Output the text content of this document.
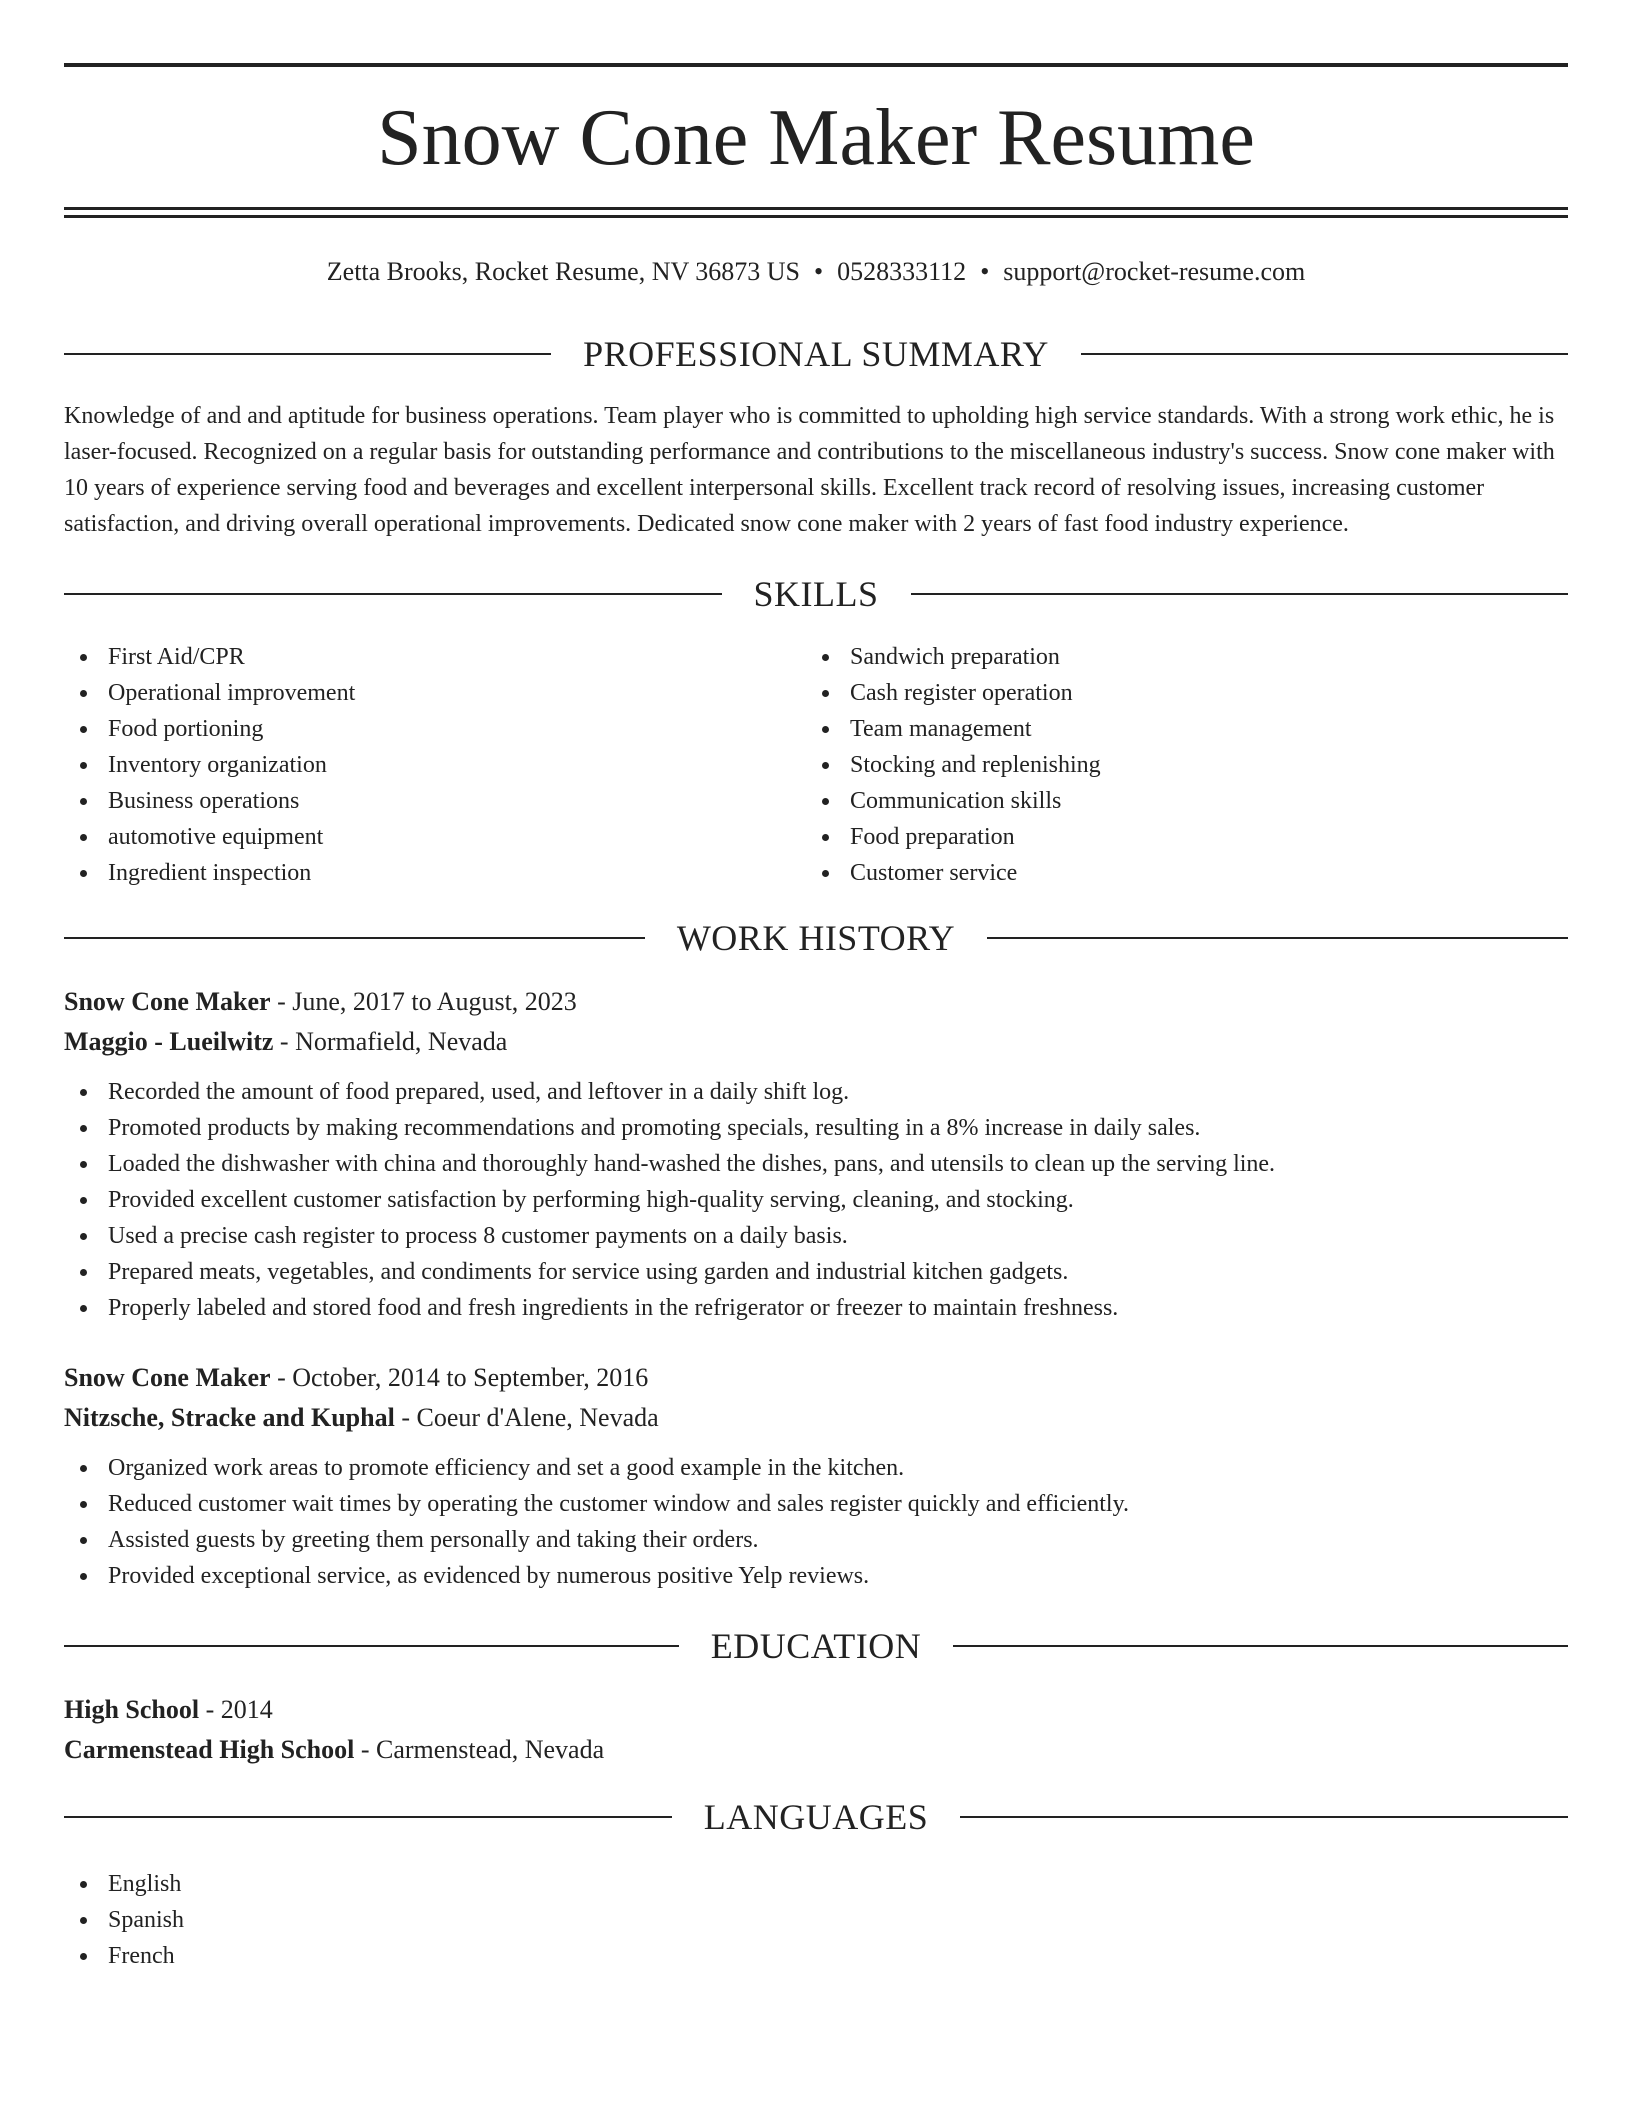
Snow Cone Maker Resume
Zetta Brooks, Rocket Resume, NV 36873 US • 0528333112 • support@rocket-resume.com
PROFESSIONAL SUMMARY

Knowledge of and and aptitude for business operations. Team player who is committed to upholding high service standards. With a strong work ethic, he is laser-focused. Recognized on a regular basis for outstanding performance and contributions to the miscellaneous industry's success. Snow cone maker with 10 years of experience serving food and beverages and excellent interpersonal skills. Excellent track record of resolving issues, increasing customer satisfaction, and driving overall operational improvements. Dedicated snow cone maker with 2 years of fast food industry experience.

SKILLS
First Aid/CPR
Operational improvement
Food portioning
Inventory organization
Business operations
automotive equipment
Ingredient inspection
Sandwich preparation
Cash register operation
Team management
Stocking and replenishing
Communication skills
Food preparation
Customer service
WORK HISTORY
Snow Cone Maker - June, 2017 to August, 2023
Maggio - Lueilwitz - Normafield, Nevada
Recorded the amount of food prepared, used, and leftover in a daily shift log.
Promoted products by making recommendations and promoting specials, resulting in a 8% increase in daily sales.
Loaded the dishwasher with china and thoroughly hand-washed the dishes, pans, and utensils to clean up the serving line.
Provided excellent customer satisfaction by performing high-quality serving, cleaning, and stocking.
Used a precise cash register to process 8 customer payments on a daily basis.
Prepared meats, vegetables, and condiments for service using garden and industrial kitchen gadgets.
Properly labeled and stored food and fresh ingredients in the refrigerator or freezer to maintain freshness.
Snow Cone Maker - October, 2014 to September, 2016
Nitzsche, Stracke and Kuphal - Coeur d'Alene, Nevada
Organized work areas to promote efficiency and set a good example in the kitchen.
Reduced customer wait times by operating the customer window and sales register quickly and efficiently.
Assisted guests by greeting them personally and taking their orders.
Provided exceptional service, as evidenced by numerous positive Yelp reviews.
EDUCATION
High School - 2014
Carmenstead High School - Carmenstead, Nevada
LANGUAGES
English
Spanish
French
